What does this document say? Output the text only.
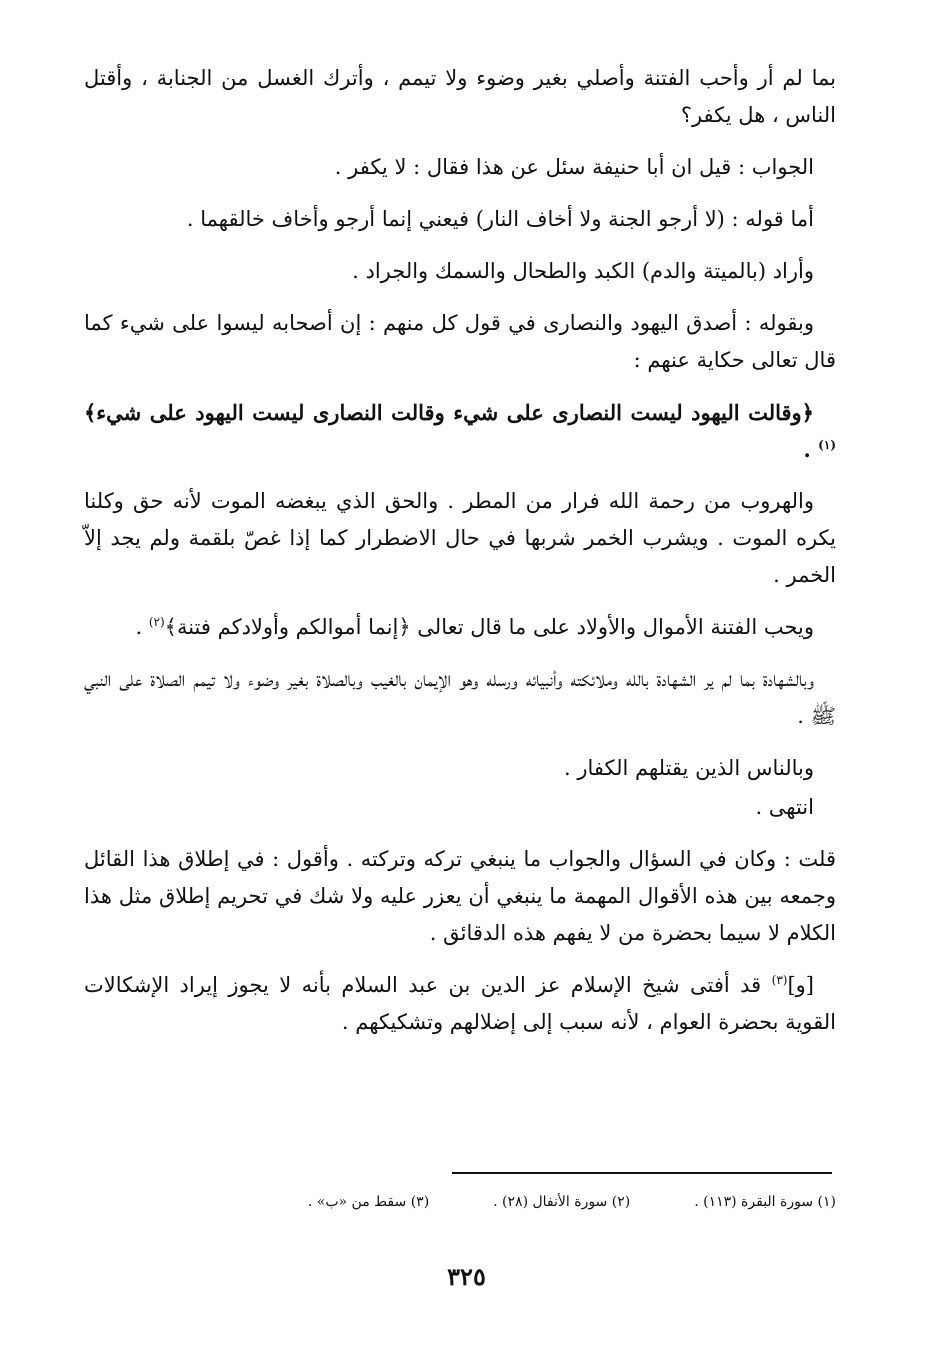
بما لم أر وأحب الفتنة وأصلي بغير وضوء ولا تيمم ، وأترك الغسل من الجنابة ، وأقتل الناس ، هل يكفر؟

الجواب : قيل ان أبا حنيفة سئل عن هذا فقال : لا يكفر .

أما قوله : (لا أرجو الجنة ولا أخاف النار) فيعني إنما أرجو وأخاف خالقهما .

وأراد (بالميتة والدم) الكبد والطحال والسمك والجراد .

وبقوله : أصدق اليهود والنصارى في قول كل منهم : إن أصحابه ليسوا على شيء كما قال تعالى حكاية عنهم :

﴿وقالت اليهود ليست النصارى على شيء وقالت النصارى ليست اليهود على شيء﴾$^{(١)}$ .

والهروب من رحمة الله فرار من المطر . والحق الذي يبغضه الموت لأنه حق وكلنا يكره الموت . ويشرب الخمر شربها في حال الاضطرار كما إذا غصّ بلقمة ولم يجد إلاّ الخمر .

ويحب الفتنة الأموال والأولاد على ما قال تعالى ﴿إنما أموالكم وأولادكم فتنة﴾$^{(٢)}$ .

وبالشهادة بما لم ير الشهادة بالله وملائكته وأنبيائه ورسله وهو الإيمان بالغيب وبالصلاة بغير وضوء ولا تيمم الصلاة على النبي ﷺ .

وبالناس الذين يقتلهم الكفار .

انتهى .

قلت : وكان في السؤال والجواب ما ينبغي تركه وتركته . وأقول : في إطلاق هذا القائل وجمعه بين هذه الأقوال المهمة ما ينبغي أن يعزر عليه ولا شك في تحريم إطلاق مثل هذا الكلام لا سيما بحضرة من لا يفهم هذه الدقائق .

[و]$^{(٣)}$ قد أفتى شيخ الإسلام عز الدين بن عبد السلام بأنه لا يجوز إيراد الإشكالات القوية بحضرة العوام ، لأنه سبب إلى إضلالهم وتشكيكهم .

(١) سورة البقرة (١١٣) .
(٢) سورة الأنفال (٢٨) .
(٣) سقط من «ب» .
٣٢٥
